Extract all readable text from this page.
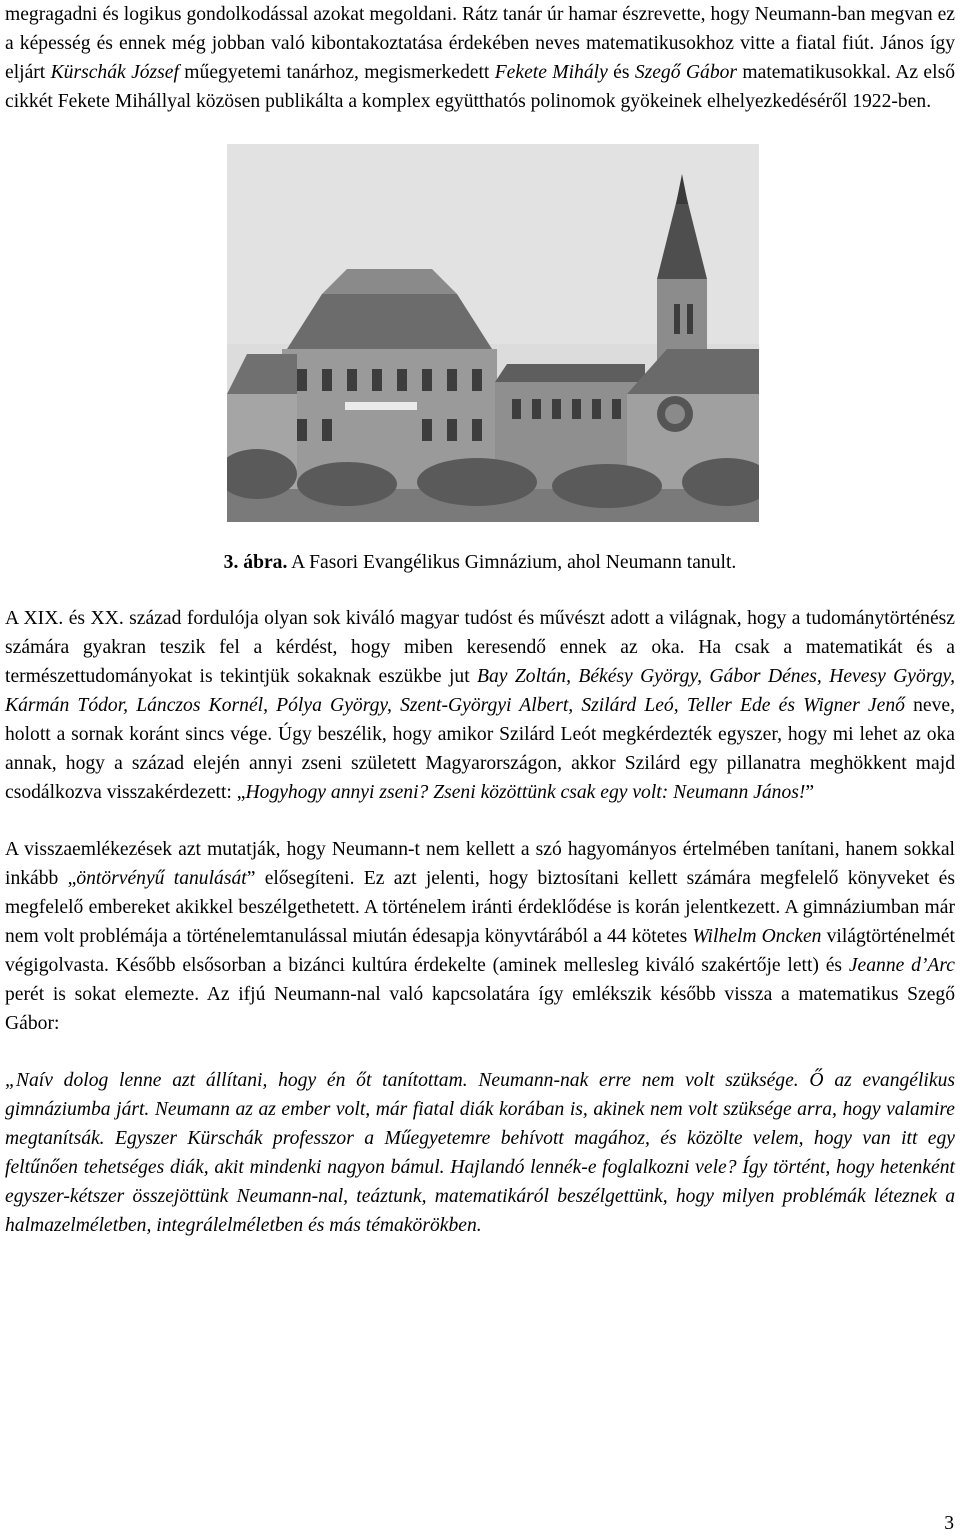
megragadni és logikus gondolkodással azokat megoldani. Rátz tanár úr hamar észrevette, hogy Neumann-ban megvan ez a képesség és ennek még jobban való kibontakoztatása érdekében neves matematikusokhoz vitte a fiatal fiút. János így eljárt Kürschák József műegyetemi tanárhoz, megismerkedett Fekete Mihály és Szegő Gábor matematikusokkal. Az első cikkét Fekete Mihállyal közösen publikálta a komplex együtthatós polinomok gyökeinek elhelyezkedéséről 1922-ben.

3. ábra. A Fasori Evangélikus Gimnázium, ahol Neumann tanult.

A XIX. és XX. század fordulója olyan sok kiváló magyar tudóst és művészt adott a világnak, hogy a tudománytörténész számára gyakran teszik fel a kérdést, hogy miben keresendő ennek az oka. Ha csak a matematikát és a természettudományokat is tekintjük sokaknak eszükbe jut Bay Zoltán, Békésy György, Gábor Dénes, Hevesy György, Kármán Tódor, Lánczos Kornél, Pólya György, Szent-Györgyi Albert, Szilárd Leó, Teller Ede és Wigner Jenő neve, holott a sornak koránt sincs vége. Úgy beszélik, hogy amikor Szilárd Leót megkérdezték egyszer, hogy mi lehet az oka annak, hogy a század elején annyi zseni született Magyarországon, akkor Szilárd egy pillanatra meghökkent majd csodálkozva visszakérdezett: „Hogyhogy annyi zseni? Zseni közöttünk csak egy volt: Neumann János!”

A visszaemlékezések azt mutatják, hogy Neumann-t nem kellett a szó hagyományos értelmében tanítani, hanem sokkal inkább „öntörvényű tanulását” elősegíteni. Ez azt jelenti, hogy biztosítani kellett számára megfelelő könyveket és megfelelő embereket akikkel beszélgethetett. A történelem iránti érdeklődése is korán jelentkezett. A gimnáziumban már nem volt problémája a történelemtanulással miután édesapja könyvtárából a 44 kötetes Wilhelm Oncken világtörténelmét végigolvasta. Később elsősorban a bizánci kultúra érdekelte (aminek mellesleg kiváló szakértője lett) és Jeanne d’Arc perét is sokat elemezte. Az ifjú Neumann-nal való kapcsolatára így emlékszik később vissza a matematikus Szegő Gábor:

„Naív dolog lenne azt állítani, hogy én őt tanítottam. Neumann-nak erre nem volt szüksége. Ő az evangélikus gimnáziumba járt. Neumann az az ember volt, már fiatal diák korában is, akinek nem volt szüksége arra, hogy valamire megtanítsák. Egyszer Kürschák professzor a Műegyetemre behívott magához, és közölte velem, hogy van itt egy feltűnően tehetséges diák, akit mindenki nagyon bámul. Hajlandó lennék-e foglalkozni vele? Így történt, hogy hetenként egyszer-kétszer összejöttünk Neumann-nal, teáztunk, matematikáról beszélgettünk, hogy milyen problémák léteznek a halmazelméletben, integrálelméletben és más témakörökben.

3
